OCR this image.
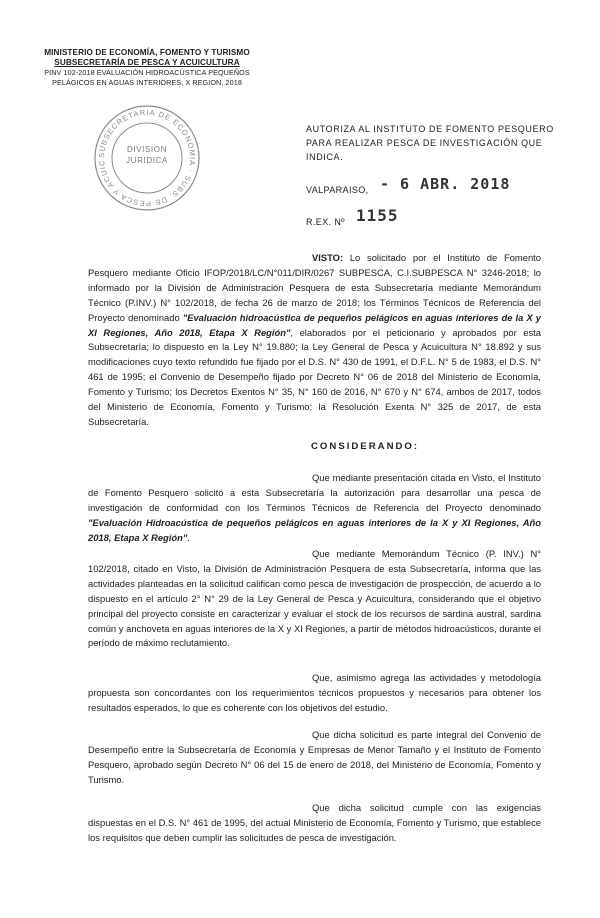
MINISTERIO DE ECONOMÍA, FOMENTO Y TURISMO
SUBSECRETARÍA DE PESCA Y ACUICULTURA
PINV 102-2018 EVALUACIÓN HIDROACÚSTICA PEQUEÑOS
PELÁGICOS EN AGUAS INTERIORES, X REGION, 2018
SUBSECRETARIA DE ECONOMIA · SUBS. DE PESCA Y ACUIC
DIVISION
JURIDICA
AUTORIZA AL INSTITUTO DE FOMENTO PESQUERO
PARA REALIZAR PESCA DE INVESTIGACIÓN QUE
INDICA.
VALPARAISO, - 6 ABR. 2018
R.EX. Nº 1155

VISTO: Lo solicitado por el Instituto de Fomento Pesquero mediante Oficio IFOP/2018/LC/N°011/DIR/0267 SUBPESCA, C.I.SUBPESCA N° 3246-2018; lo informado por la División de Administración Pesquera de esta Subsecretaría mediante Memorándum Técnico (P.INV.) N° 102/2018, de fecha 26 de marzo de 2018; los Términos Técnicos de Referencia del Proyecto denominado "Evaluación hidroacústica de pequeños pelágicos en aguas interiores de la X y XI Regiones, Año 2018, Etapa X Región", elaborados por el peticionario y aprobados por esta Subsecretaría; lo dispuesto en la Ley N° 19.880; la Ley General de Pesca y Acuicultura N° 18.892 y sus modificaciones cuyo texto refundido fue fijado por el D.S. N° 430 de 1991, el D.F.L. N° 5 de 1983, el D.S. N° 461 de 1995; el Convenio de Desempeño fijado por Decreto N° 06 de 2018 del Ministerio de Economía, Fomento y Turismo; los Decretos Exentos N° 35, N° 160 de 2016, N° 670 y N° 674, ambos de 2017, todos del Ministerio de Economía, Fomento y Turismo; la Resolución Exenta N° 325 de 2017, de esta Subsecretaría.

CONSIDERANDO:

Que mediante presentación citada en Visto, el Instituto de Fomento Pesquero solicitó a esta Subsecretaría la autorización para desarrollar una pesca de investigación de conformidad con los Términos Técnicos de Referencia del Proyecto denominado "Evaluación Hidroacústica de pequeños pelágicos en aguas interiores de la X y XI Regiones, Año 2018, Etapa X Región".

Que mediante Memorándum Técnico (P. INV.) N° 102/2018, citado en Visto, la División de Administración Pesquera de esta Subsecretaría, informa que las actividades planteadas en la solicitud califican como pesca de investigación de prospección, de acuerdo a lo dispuesto en el artículo 2° N° 29 de la Ley General de Pesca y Acuicultura, considerando que el objetivo principal del proyecto consiste en caracterizar y evaluar el stock de los recursos de sardina austral, sardina común y anchoveta en aguas interiores de la X y XI Regiones, a partir de métodos hidroacústicos, durante el período de máximo reclutamiento.

Que, asimismo agrega las actividades y metodología propuesta son concordantes con los requerimientos técnicos propuestos y necesarios para obtener los resultados esperados, lo que es coherente con los objetivos del estudio.

Que dicha solicitud es parte integral del Convenio de Desempeño entre la Subsecretaría de Economía y Empresas de Menor Tamaño y el Instituto de Fomento Pesquero, aprobado según Decreto N° 06 del 15 de enero de 2018, del Ministerio de Economía, Fomento y Turismo.

Que dicha solicitud cumple con las exigencias dispuestas en el D.S. N° 461 de 1995, del actual Ministerio de Economía, Fomento y Turismo, que establece los requisitos que deben cumplir las solicitudes de pesca de investigación.
